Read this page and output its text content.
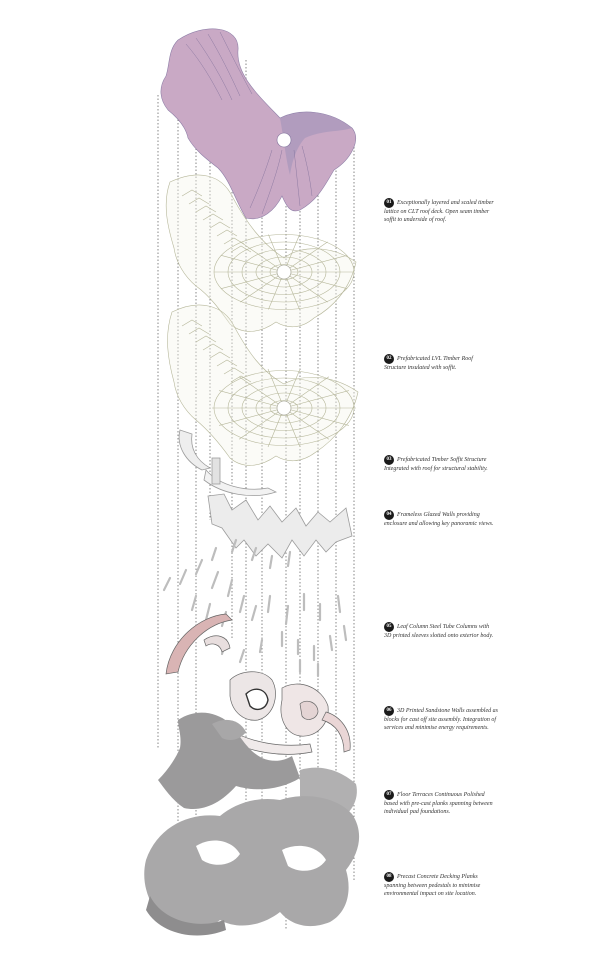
01 Exceptionally layered and scaled timber
lattice on CLT roof deck. Open seam timber
soffit to underside of roof.
02 Prefabricated LVL Timber Roof
Structure insulated with soffit.
03 Prefabricated Timber Soffit Structure
Integrated with roof for structural stability.
04 Frameless Glazed Walls providing
enclosure and allowing key panoramic views.
05 Leaf Column Steel Tube Columns with
3D printed sleeves slotted onto exterior body.
06 3D Printed Sandstone Walls assembled as
blocks for cast off site assembly. Integration of
services and minimise energy requirements.
07 Floor Terraces Continuous Polished
based with pre-cast planks spanning between
individual pad foundations.
08 Precast Concrete Decking Planks
spanning between pedestals to minimise
environmental impact on site location.
